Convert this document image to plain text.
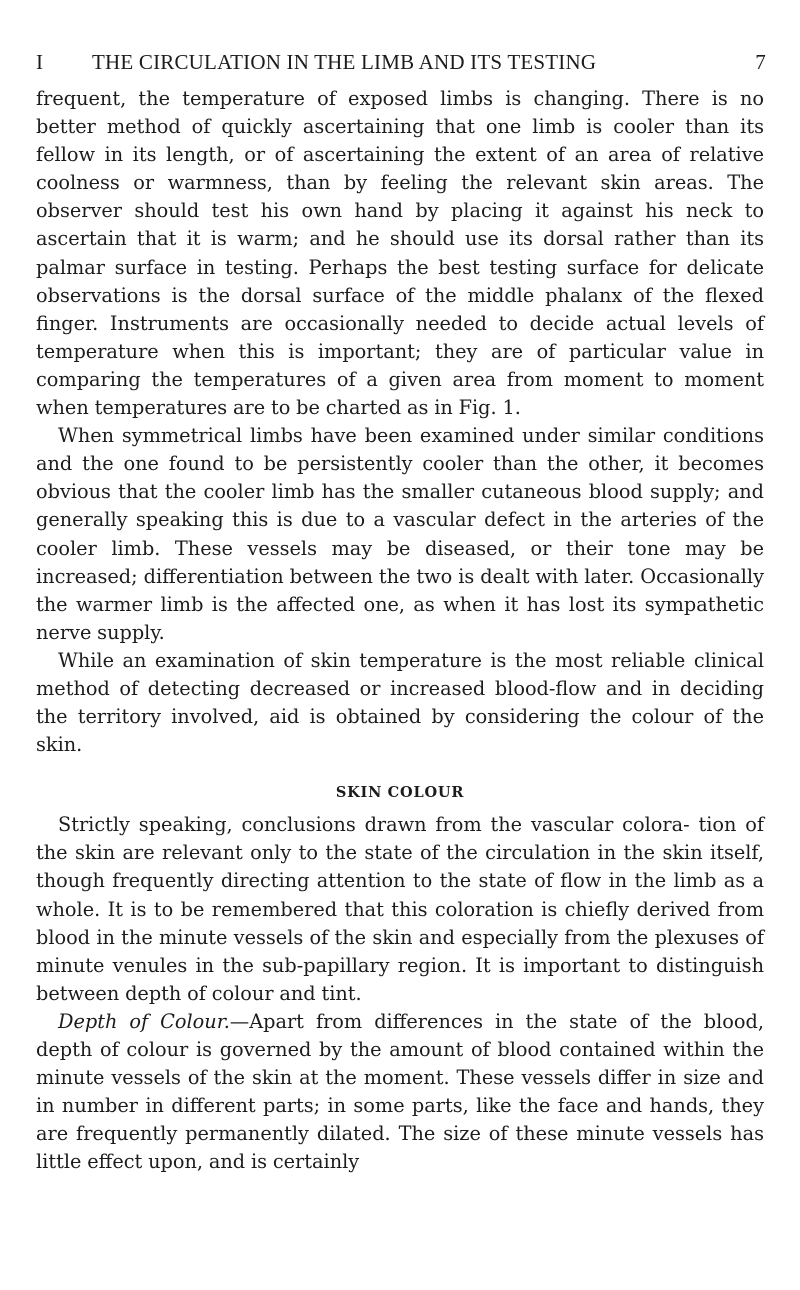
I THE CIRCULATION IN THE LIMB AND ITS TESTING	7

frequent, the temperature of exposed limbs is changing. There is no better method of quickly ascertaining that one limb is cooler than its fellow in its length, or of ascertaining the extent of an area of relative coolness or warmness, than by feeling the relevant skin areas. The observer should test his own hand by placing it against his neck to ascertain that it is warm; and he should use its dorsal rather than its palmar surface in testing. Perhaps the best testing surface for delicate observations is the dorsal surface of the middle phalanx of the flexed finger. Instruments are occasionally needed to decide actual levels of temperature when this is important; they are of particular value in comparing the temperatures of a given area from moment to moment when temperatures are to be charted as in Fig. 1.

When symmetrical limbs have been examined under similar conditions and the one found to be persistently cooler than the other, it becomes obvious that the cooler limb has the smaller cutaneous blood supply; and generally speaking this is due to a vascular defect in the arteries of the cooler limb. These vessels may be diseased, or their tone may be increased; differentiation between the two is dealt with later. Occasionally the warmer limb is the affected one, as when it has lost its sympathetic nerve supply.

While an examination of skin temperature is the most reliable clinical method of detecting decreased or increased blood-flow and in deciding the territory involved, aid is obtained by considering the colour of the skin.

SKIN COLOUR

Strictly speaking, conclusions drawn from the vascular colora- tion of the skin are relevant only to the state of the circulation in the skin itself, though frequently directing attention to the state of flow in the limb as a whole. It is to be remembered that this coloration is chiefly derived from blood in the minute vessels of the skin and especially from the plexuses of minute venules in the sub-papillary region. It is important to distinguish between depth of colour and tint.

Depth of Colour.—Apart from differences in the state of the blood, depth of colour is governed by the amount of blood contained within the minute vessels of the skin at the moment. These vessels differ in size and in number in different parts; in some parts, like the face and hands, they are frequently permanently dilated. The size of these minute vessels has little effect upon, and is certainly
